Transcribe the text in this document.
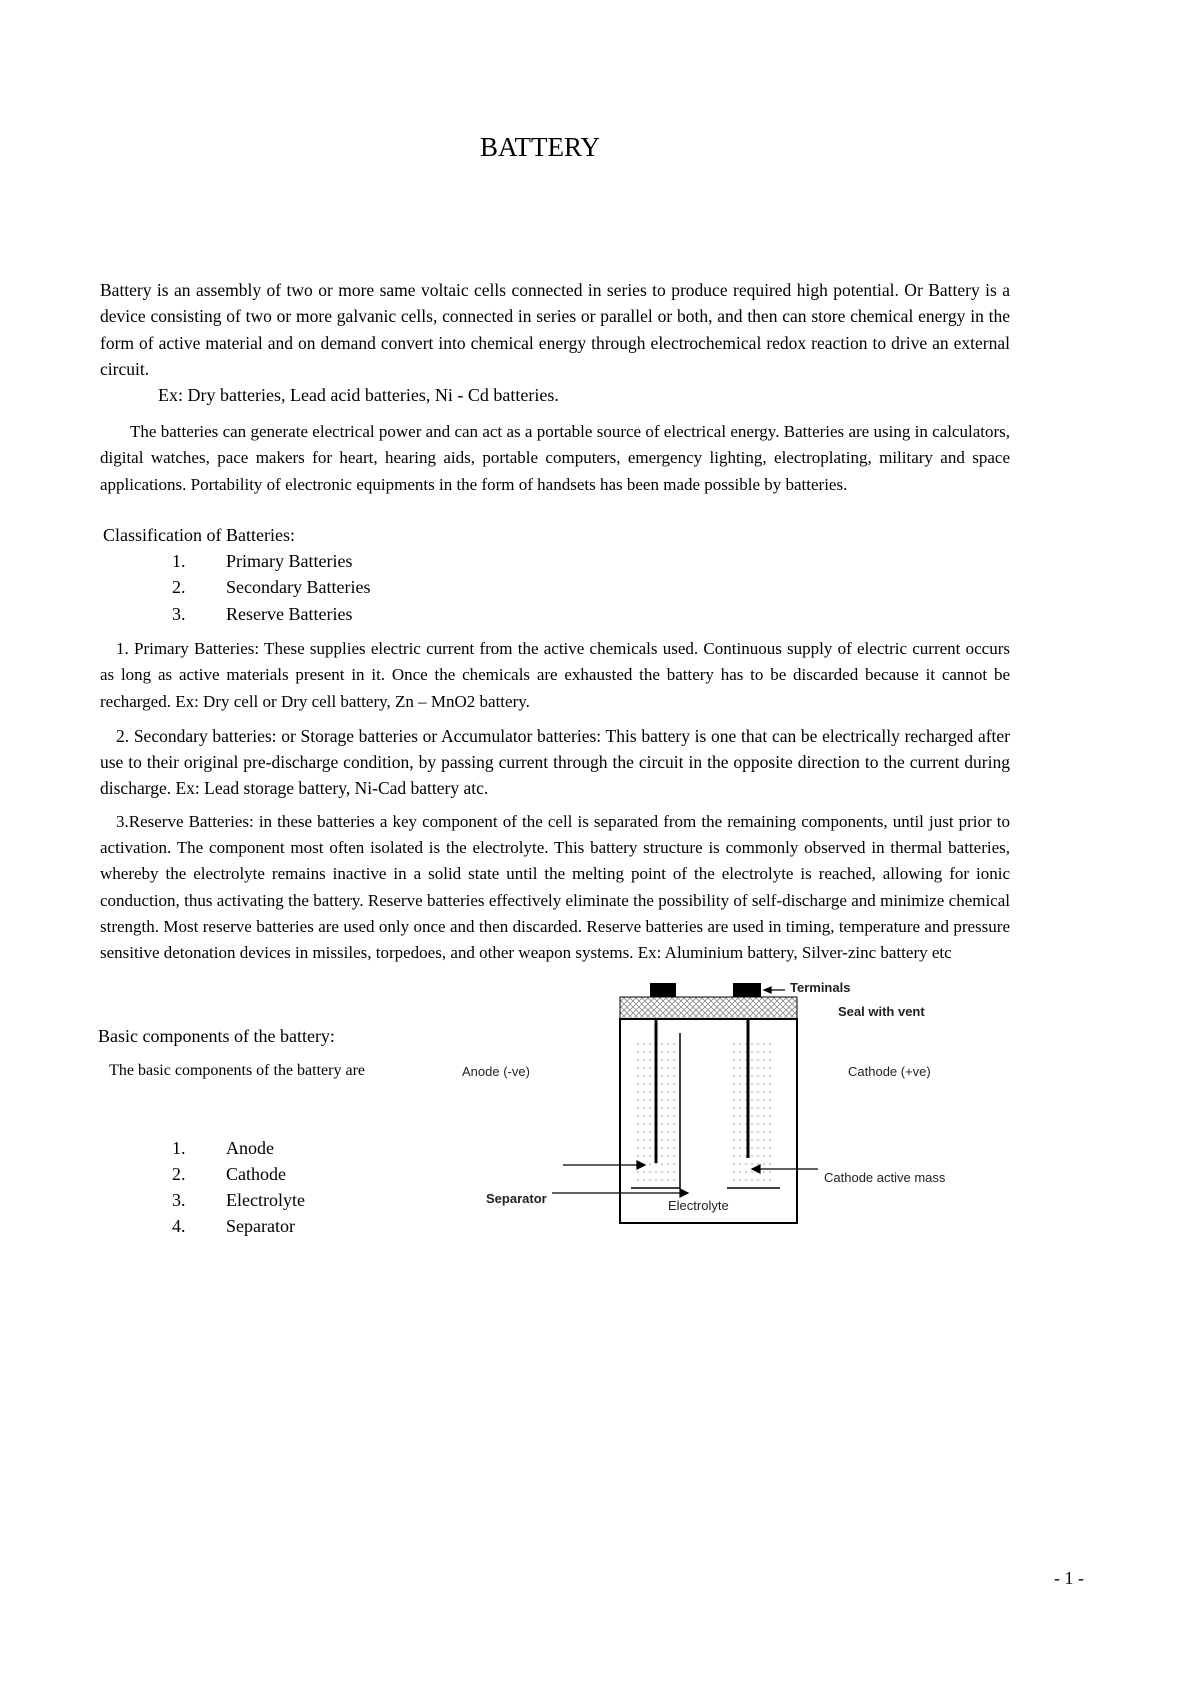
BATTERY

Battery is an assembly of two or more same voltaic cells connected in series to produce required high potential. Or Battery is a device consisting of two or more galvanic cells, connected in series or parallel or both, and then can store chemical energy in the form of active material and on demand convert into chemical energy through electrochemical redox reaction to drive an external circuit.

Ex: Dry batteries, Lead acid batteries, Ni - Cd batteries.

The batteries can generate electrical power and can act as a portable source of electrical energy. Batteries are using in calculators, digital watches, pace makers for heart, hearing aids, portable computers, emergency lighting, electroplating, military and space applications. Portability of electronic equipments in the form of handsets has been made possible by batteries.

Classification of Batteries:
1. Primary Batteries
2. Secondary Batteries
3. Reserve Batteries

1. Primary Batteries: These supplies electric current from the active chemicals used. Continuous supply of electric current occurs as long as active materials present in it. Once the chemicals are exhausted the battery has to be discarded because it cannot be recharged. Ex: Dry cell or Dry cell battery, Zn – MnO2 battery.

2. Secondary batteries: or Storage batteries or Accumulator batteries: This battery is one that can be electrically recharged after use to their original pre-discharge condition, by passing current through the circuit in the opposite direction to the current during discharge. Ex: Lead storage battery, Ni-Cad battery atc.

3.Reserve Batteries: in these batteries a key component of the cell is separated from the remaining components, until just prior to activation. The component most often isolated is the electrolyte. This battery structure is commonly observed in thermal batteries, whereby the electrolyte remains inactive in a solid state until the melting point of the electrolyte is reached, allowing for ionic conduction, thus activating the battery. Reserve batteries effectively eliminate the possibility of self-discharge and minimize chemical strength. Most reserve batteries are used only once and then discarded. Reserve batteries are used in timing, temperature and pressure sensitive detonation devices in missiles, torpedoes, and other weapon systems. Ex: Aluminium battery, Silver-zinc battery etc

Terminals
Seal with vent
Anode (-ve)	Cathode (+ve)
Separator	Electrolyte
Cathode active mass
Basic components of the battery:
The basic components of the battery are
1. Anode
2. Cathode
3. Electrolyte
4. Separator
- 1 -
